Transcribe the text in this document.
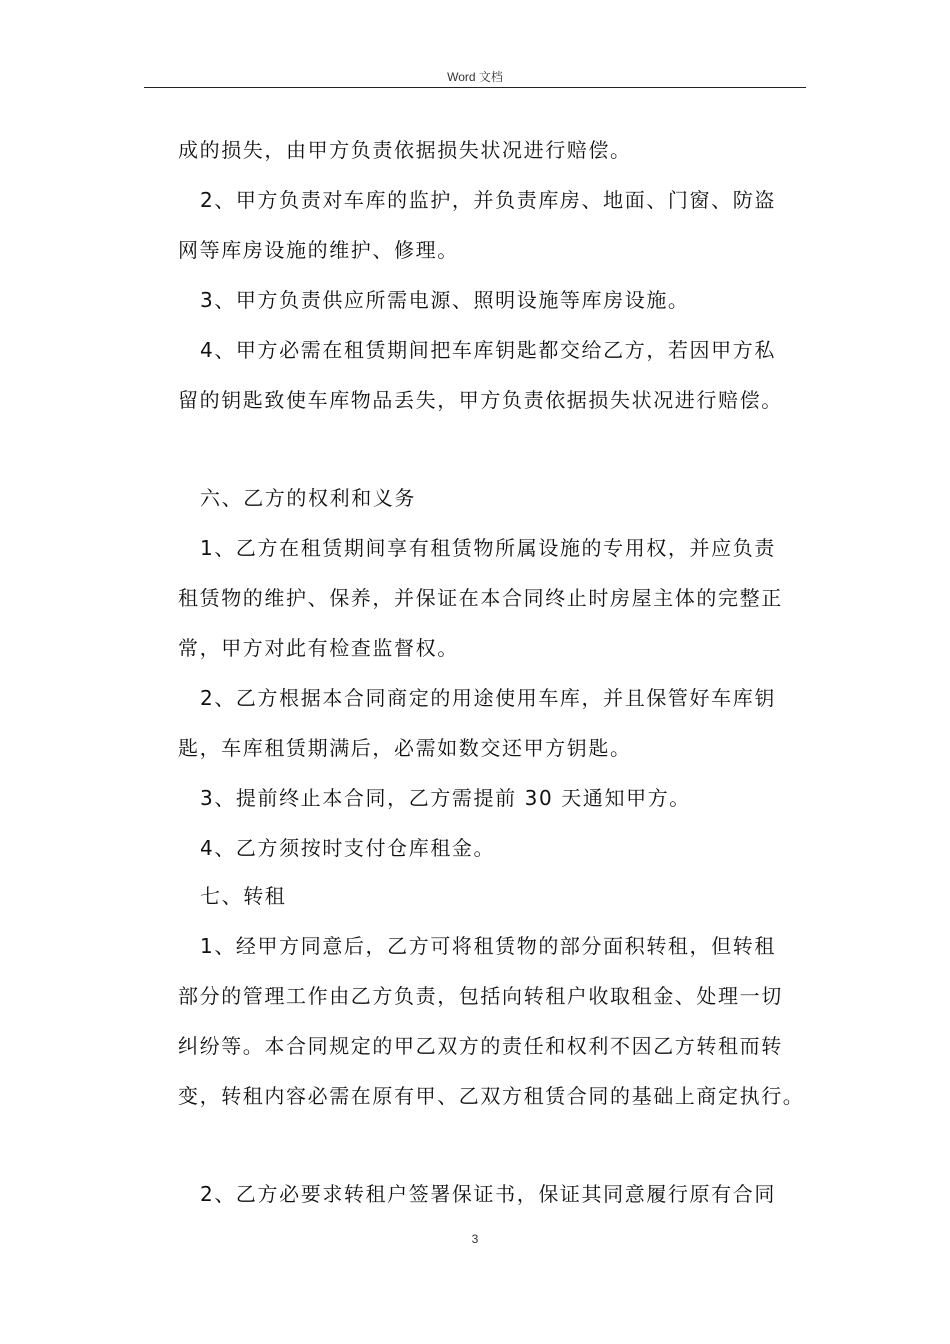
Word 文档
成的损失，由甲方负责依据损失状况进行赔偿。
2、甲方负责对车库的监护，并负责库房、地面、门窗、防盗
网等库房设施的维护、修理。
3、甲方负责供应所需电源、照明设施等库房设施。
4、甲方必需在租赁期间把车库钥匙都交给乙方，若因甲方私
留的钥匙致使车库物品丢失，甲方负责依据损失状况进行赔偿。
六、乙方的权利和义务
1、乙方在租赁期间享有租赁物所属设施的专用权，并应负责
租赁物的维护、保养，并保证在本合同终止时房屋主体的完整正
常，甲方对此有检查监督权。
2、乙方根据本合同商定的用途使用车库，并且保管好车库钥
匙，车库租赁期满后，必需如数交还甲方钥匙。
3、提前终止本合同，乙方需提前 30 天通知甲方。
4、乙方须按时支付仓库租金。
七、转租
1、经甲方同意后，乙方可将租赁物的部分面积转租，但转租
部分的管理工作由乙方负责，包括向转租户收取租金、处理一切
纠纷等。本合同规定的甲乙双方的责任和权利不因乙方转租而转
变，转租内容必需在原有甲、乙双方租赁合同的基础上商定执行。
2、乙方必要求转租户签署保证书，保证其同意履行原有合同
3
